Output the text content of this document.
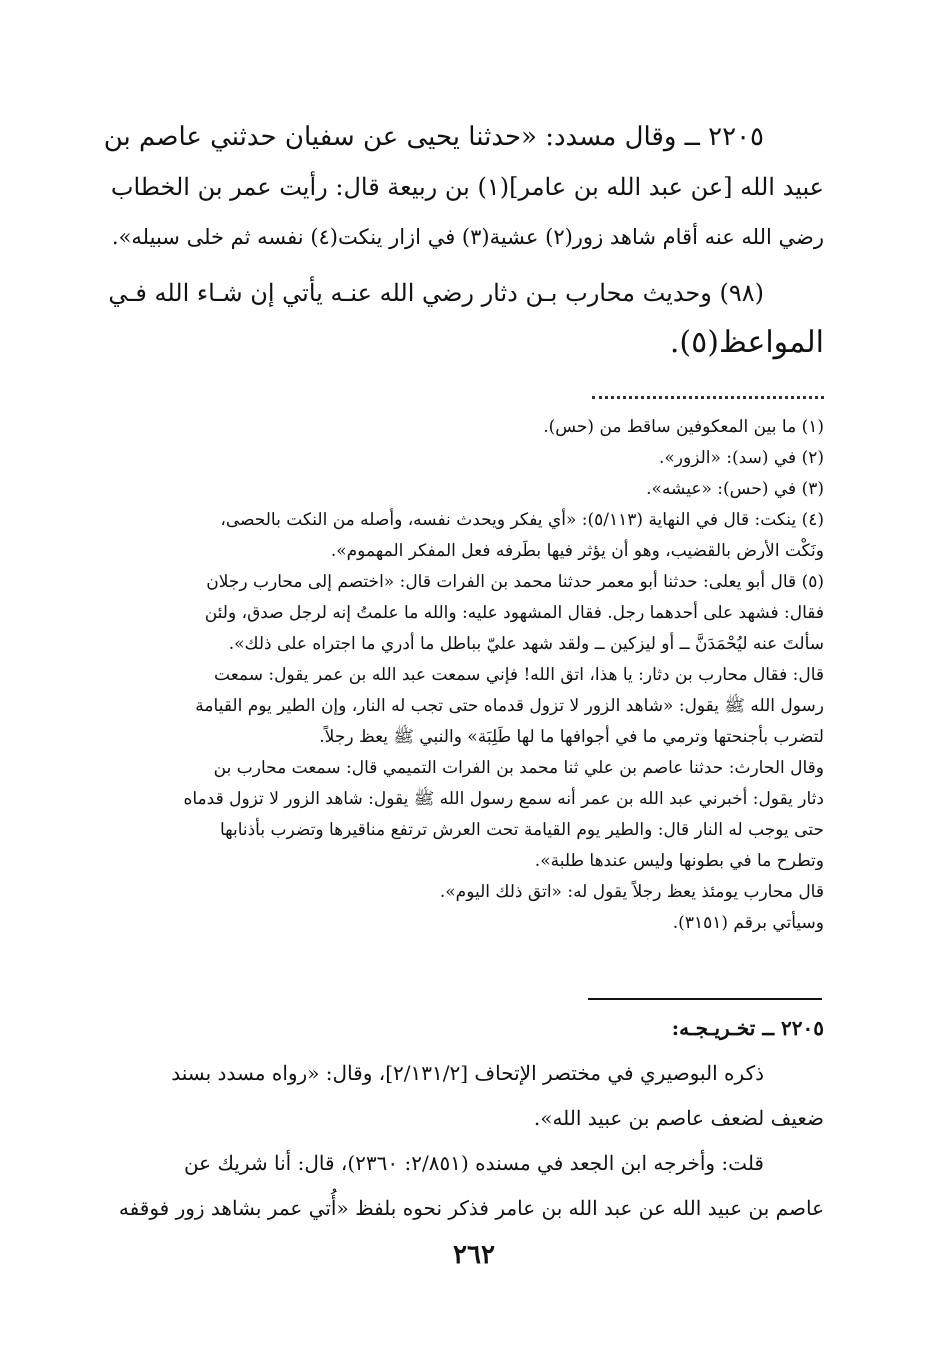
٢٢٠٥ ــ وقال مسدد: «حدثنا يحيى عن سفيان حدثني عاصم بن
عبيد الله [عن عبد الله بن عامر](١) بن ربيعة قال: رأيت عمر بن الخطاب
رضي الله عنه أقام شاهد زور(٢) عشية(٣) في ازار ينكت(٤) نفسه ثم خلى سبيله».
(٩٨) وحديث محارب بـن دثار رضي الله عنـه يأتي إن شـاء الله فـي
المواعظ(٥).
(١) ما بين المعكوفين ساقط من (حس).
(٢) في (سد): «الزور».
(٣) في (حس): «عيشه».
(٤) ينكت: قال في النهاية (٥/١١٣): «أي يفكر ويحدث نفسه، وأصله من النكت بالحصى،
ونَكْت الأرض بالقضيب، وهو أن يؤثر فيها بطَرفه فعل المفكر المهموم».
(٥) قال أبو يعلى: حدثنا أبو معمر حدثنا محمد بن الفرات قال: «اختصم إلى محارب رجلان
فقال: فشهد على أحدهما رجل. فقال المشهود عليه: والله ما علمتُ إنه لرجل صدق، ولئن
سألتَ عنه ليُحْمَدَنَّ ــ أو ليزكين ــ ولقد شهد عليّ بباطل ما أدري ما اجتراه على ذلك».
قال: فقال محارب بن دثار: يا هذا، اتق الله! فإني سمعت عبد الله بن عمر يقول: سمعت
رسول الله ﷺ يقول: «شاهد الزور لا تزول قدماه حتى تجب له النار، وإن الطير يوم القيامة
لتضرب بأجنحتها وترمي ما في أجوافها ما لها طَلِبَة» والنبي ﷺ يعظ رجلاً.
وقال الحارث: حدثنا عاصم بن علي ثنا محمد بن الفرات التميمي قال: سمعت محارب بن
دثار يقول: أخبرني عبد الله بن عمر أنه سمع رسول الله ﷺ يقول: شاهد الزور لا تزول قدماه
حتى يوجب له النار قال: والطير يوم القيامة تحت العرش ترتفع مناقيرها وتضرب بأذنابها
وتطرح ما في بطونها وليس عندها طلبة».
قال محارب يومئذ يعظ رجلاً يقول له: «اتق ذلك اليوم».
وسيأتي برقم (٣١٥١).
٢٢٠٥ ــ تخـريـجـه:
ذكره البوصيري في مختصر الإتحاف [٢/١٣١/٢]، وقال: «رواه مسدد بسند
ضعيف لضعف عاصم بن عبيد الله».
قلت: وأخرجه ابن الجعد في مسنده (٢/٨٥١: ٢٣٦٠)، قال: أنا شريك عن
عاصم بن عبيد الله عن عبد الله بن عامر فذكر نحوه بلفظ «أُتي عمر بشاهد زور فوقفه
٢٦٢
